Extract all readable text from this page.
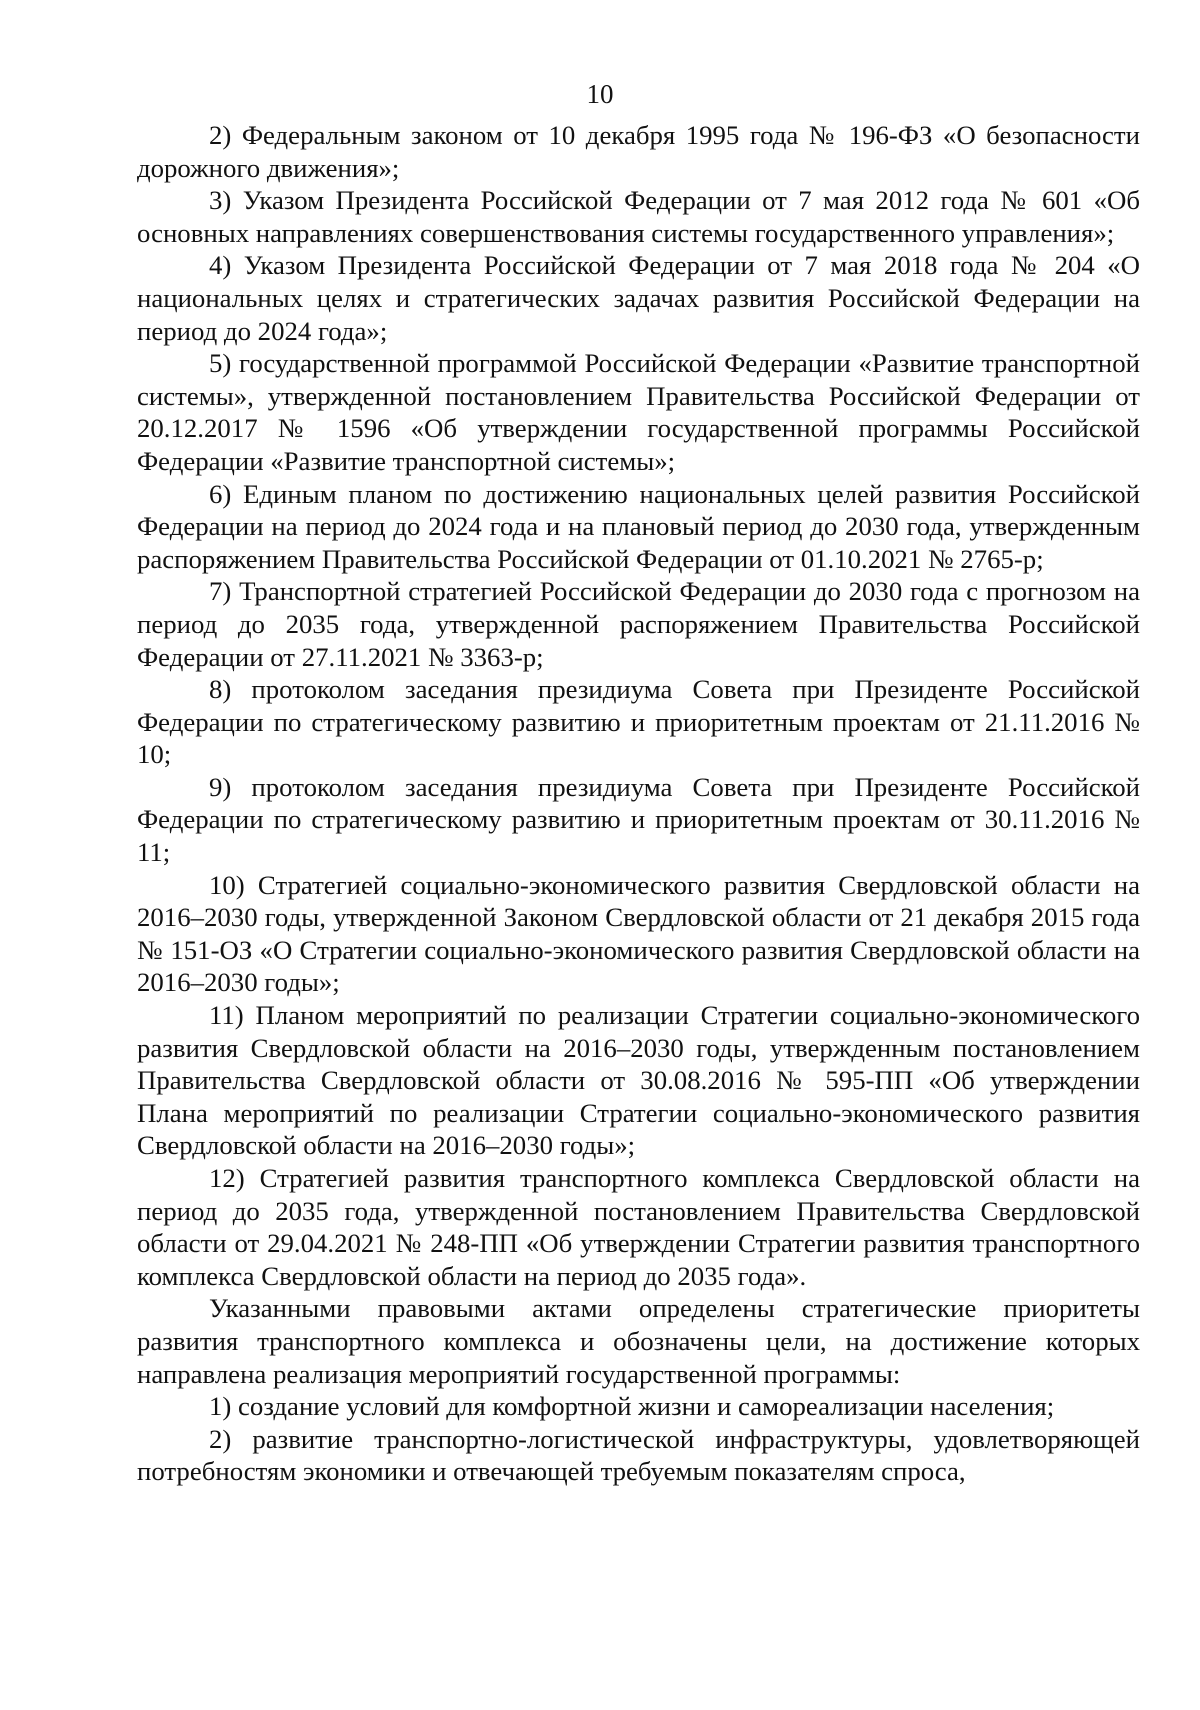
10

2) Федеральным законом от 10 декабря 1995 года № 196-ФЗ «О безопасности дорожного движения»;

3) Указом Президента Российской Федерации от 7 мая 2012 года № 601 «Об основных направлениях совершенствования системы государственного управления»;

4) Указом Президента Российской Федерации от 7 мая 2018 года № 204 «О национальных целях и стратегических задачах развития Российской Федерации на период до 2024 года»;

5) государственной программой Российской Федерации «Развитие транспортной системы», утвержденной постановлением Правительства Российской Федерации от 20.12.2017 № 1596 «Об утверждении государственной программы Российской Федерации «Развитие транспортной системы»;

6) Единым планом по достижению национальных целей развития Российской Федерации на период до 2024 года и на плановый период до 2030 года, утвержденным распоряжением Правительства Российской Федерации от 01.10.2021 № 2765-р;

7) Транспортной стратегией Российской Федерации до 2030 года с прогнозом на период до 2035 года, утвержденной распоряжением Правительства Российской Федерации от 27.11.2021 № 3363-р;

8) протоколом заседания президиума Совета при Президенте Российской Федерации по стратегическому развитию и приоритетным проектам от 21.11.2016 № 10;

9) протоколом заседания президиума Совета при Президенте Российской Федерации по стратегическому развитию и приоритетным проектам от 30.11.2016 № 11;

10) Стратегией социально-экономического развития Свердловской области на 2016–2030 годы, утвержденной Законом Свердловской области от 21 декабря 2015 года № 151-ОЗ «О Стратегии социально-экономического развития Свердловской области на 2016–2030 годы»;

11) Планом мероприятий по реализации Стратегии социально-экономического развития Свердловской области на 2016–2030 годы, утвержденным постановлением Правительства Свердловской области от 30.08.2016 № 595-ПП «Об утверждении Плана мероприятий по реализации Стратегии социально-экономического развития Свердловской области на 2016–2030 годы»;

12) Стратегией развития транспортного комплекса Свердловской области на период до 2035 года, утвержденной постановлением Правительства Свердловской области от 29.04.2021 № 248-ПП «Об утверждении Стратегии развития транспортного комплекса Свердловской области на период до 2035 года».

Указанными правовыми актами определены стратегические приоритеты развития транспортного комплекса и обозначены цели, на достижение которых направлена реализация мероприятий государственной программы:

1) создание условий для комфортной жизни и самореализации населения;

2) развитие транспортно-логистической инфраструктуры, удовлетворяющей потребностям экономики и отвечающей требуемым показателям спроса,
